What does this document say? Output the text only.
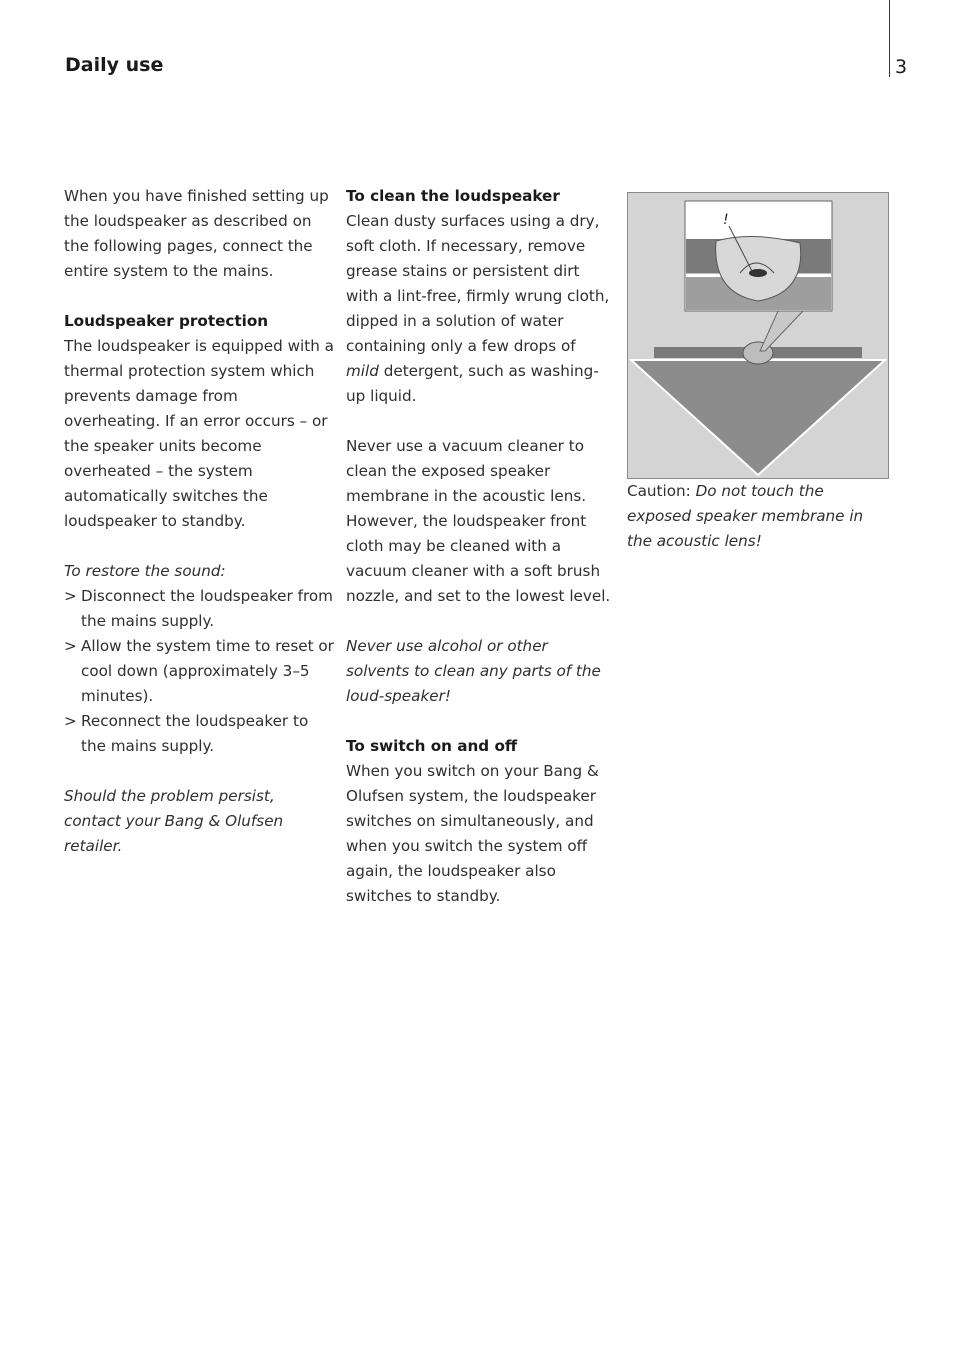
Daily use	3

When you have finished setting up the loudspeaker as described on the following pages, connect the entire system to the mains.

Loudspeaker protection

The loudspeaker is equipped with a thermal protection system which prevents damage from overheating. If an error occurs – or the speaker units become overheated – the system automatically switches the loudspeaker to standby.

To restore the sound:

> Disconnect the loudspeaker from the mains supply.
> Allow the system time to reset or cool down (approximately 3–5 minutes).
> Reconnect the loudspeaker to the mains supply.

Should the problem persist, contact your Bang & Olufsen retailer.

To clean the loudspeaker

Clean dusty surfaces using a dry, soft cloth. If necessary, remove grease stains or persistent dirt with a lint-free, firmly wrung cloth, dipped in a solution of water containing only a few drops of mild detergent, such as washing-up liquid.

Never use a vacuum cleaner to clean the exposed speaker membrane in the acoustic lens. However, the loudspeaker front cloth may be cleaned with a vacuum cleaner with a soft brush nozzle, and set to the lowest level.

Never use alcohol or other solvents to clean any parts of the loud-speaker!

To switch on and off

When you switch on your Bang & Olufsen system, the loudspeaker switches on simultaneously, and when you switch the system off again, the loudspeaker also switches to standby.

!

Caution: Do not touch the exposed speaker membrane in the acoustic lens!
